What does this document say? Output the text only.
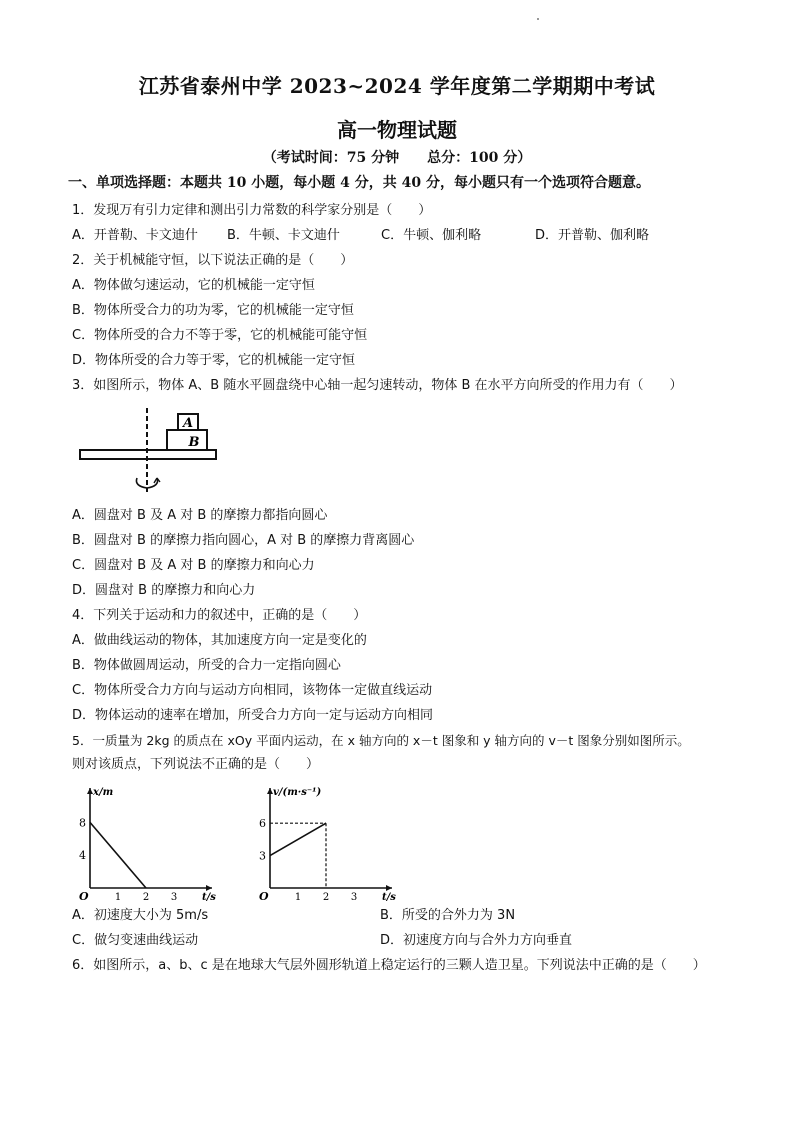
江苏省泰州中学 2023~2024 学年度第二学期期中考试
高一物理试题
（考试时间：75 分钟　　总分：100 分）
一、单项选择题：本题共 10 小题，每小题 4 分，共 40 分，每小题只有一个选项符合题意。
1．发现万有引力定律和测出引力常数的科学家分别是（　　）
A．开普勒、卡文迪什 B．牛顿、卡文迪什	C．牛顿、伽利略	D．开普勒、伽利略
2．关于机械能守恒，以下说法正确的是（　　）
A．物体做匀速运动，它的机械能一定守恒
B．物体所受合力的功为零，它的机械能一定守恒
C．物体所受的合力不等于零，它的机械能可能守恒
D．物体所受的合力等于零，它的机械能一定守恒
3．如图所示，物体 A、B 随水平圆盘绕中心轴一起匀速转动，物体 B 在水平方向所受的作用力有（　　）
A
B
A．圆盘对 B 及 A 对 B 的摩擦力都指向圆心
B．圆盘对 B 的摩擦力指向圆心，A 对 B 的摩擦力背离圆心
C．圆盘对 B 及 A 对 B 的摩擦力和向心力
D．圆盘对 B 的摩擦力和向心力
4．下列关于运动和力的叙述中，正确的是（　　）
A．做曲线运动的物体，其加速度方向一定是变化的
B．物体做圆周运动，所受的合力一定指向圆心
C．物体所受合力方向与运动方向相同，该物体一定做直线运动
D．物体运动的速率在增加，所受合力方向一定与运动方向相同
5．一质量为 2kg 的质点在 xOy 平面内运动，在 x 轴方向的 x－t 图象和 y 轴方向的 v－t 图象分别如图所示。
则对该质点，下列说法不正确的是（　　）
x/m
t/s
O	1 2 3
4
8
v/(m·s⁻¹)
t/s
O	1 2 3
3
6
A．初速度大小为 5m/s	B．所受的合外力为 3N
C．做匀变速曲线运动	D．初速度方向与合外力方向垂直
6．如图所示，a、b、c 是在地球大气层外圆形轨道上稳定运行的三颗人造卫星。下列说法中正确的是（　　）
